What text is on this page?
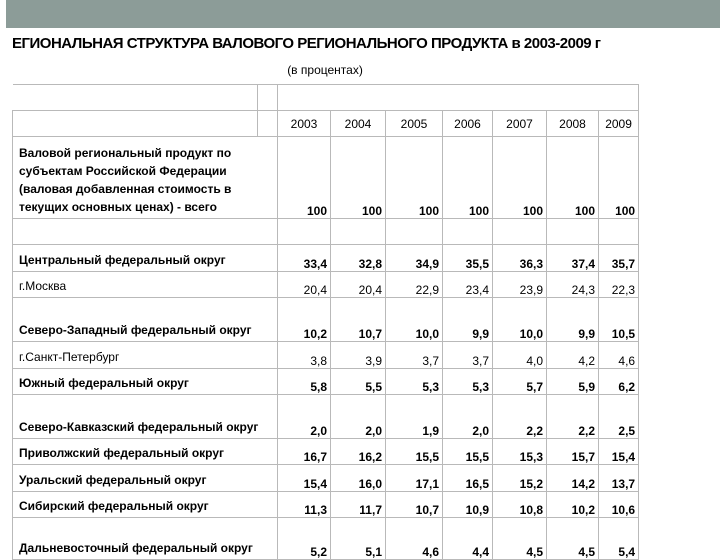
ЕГИОНАЛЬНАЯ СТРУКТУРА ВАЛОВОГО РЕГИОНАЛЬНОГО ПРОДУКТА в 2003-2009 г
(в процентах)

		2003	2004	2005	2006	2007	2008	2009
Валовой региональный продукт по субъектам Российской Федерации (валовая добавленная стоимость в текущих основных ценах) - всего		100	100	100	100	100	100	100

Центральный федеральный округ		33,4	32,8	34,9	35,5	36,3	37,4	35,7
г.Москва		20,4	20,4	22,9	23,4	23,9	24,3	22,3
Северо-Западный федеральный округ		10,2	10,7	10,0	9,9	10,0	9,9	10,5
г.Санкт-Петербург		3,8	3,9	3,7	3,7	4,0	4,2	4,6
Южный федеральный округ		5,8	5,5	5,3	5,3	5,7	5,9	6,2
Северо-Кавказский федеральный округ		2,0	2,0	1,9	2,0	2,2	2,2	2,5
Приволжский федеральный округ		16,7	16,2	15,5	15,5	15,3	15,7	15,4
Уральский федеральный округ		15,4	16,0	17,1	16,5	15,2	14,2	13,7
Сибирский федеральный округ		11,3	11,7	10,7	10,9	10,8	10,2	10,6
Дальневосточный федеральный округ		5,2	5,1	4,6	4,4	4,5	4,5	5,4
